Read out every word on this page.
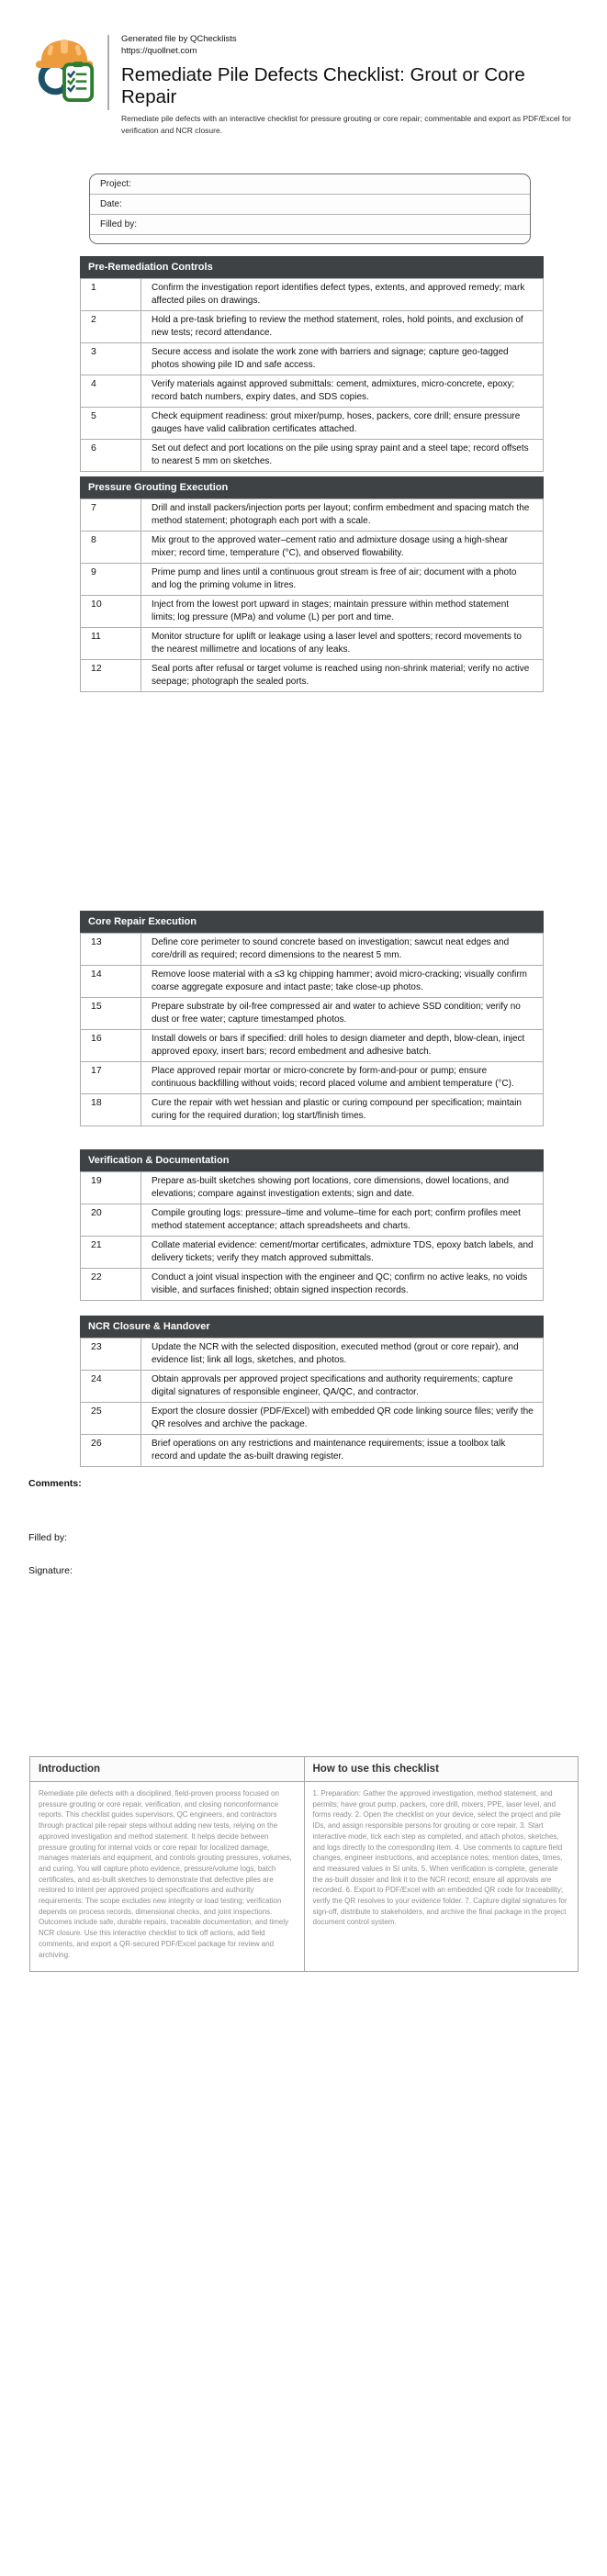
Generated file by QChecklists
https://quollnet.com
Remediate Pile Defects Checklist: Grout or Core Repair

Remediate pile defects with an interactive checklist for pressure grouting or core repair; commentable and export as PDF/Excel for verification and NCR closure.

Project:
Date:
Filled by:
Pre-Remediation Controls
1	Confirm the investigation report identifies defect types, extents, and approved remedy; mark affected piles on drawings.
2	Hold a pre-task briefing to review the method statement, roles, hold points, and exclusion of new tests; record attendance.
3	Secure access and isolate the work zone with barriers and signage; capture geo-tagged photos showing pile ID and safe access.
4	Verify materials against approved submittals: cement, admixtures, micro-concrete, epoxy; record batch numbers, expiry dates, and SDS copies.
5	Check equipment readiness: grout mixer/pump, hoses, packers, core drill; ensure pressure gauges have valid calibration certificates attached.
6	Set out defect and port locations on the pile using spray paint and a steel tape; record offsets to nearest 5 mm on sketches.
Pressure Grouting Execution
7	Drill and install packers/injection ports per layout; confirm embedment and spacing match the method statement; photograph each port with a scale.
8	Mix grout to the approved water–cement ratio and admixture dosage using a high-shear mixer; record time, temperature (°C), and observed flowability.
9	Prime pump and lines until a continuous grout stream is free of air; document with a photo and log the priming volume in litres.
10	Inject from the lowest port upward in stages; maintain pressure within method statement limits; log pressure (MPa) and volume (L) per port and time.
11	Monitor structure for uplift or leakage using a laser level and spotters; record movements to the nearest millimetre and locations of any leaks.
12	Seal ports after refusal or target volume is reached using non-shrink material; verify no active seepage; photograph the sealed ports.
Core Repair Execution
13	Define core perimeter to sound concrete based on investigation; sawcut neat edges and core/drill as required; record dimensions to the nearest 5 mm.
14	Remove loose material with a ≤3 kg chipping hammer; avoid micro-cracking; visually confirm coarse aggregate exposure and intact paste; take close-up photos.
15	Prepare substrate by oil-free compressed air and water to achieve SSD condition; verify no dust or free water; capture timestamped photos.
16	Install dowels or bars if specified: drill holes to design diameter and depth, blow-clean, inject approved epoxy, insert bars; record embedment and adhesive batch.
17	Place approved repair mortar or micro-concrete by form-and-pour or pump; ensure continuous backfilling without voids; record placed volume and ambient temperature (°C).
18	Cure the repair with wet hessian and plastic or curing compound per specification; maintain curing for the required duration; log start/finish times.
Verification & Documentation
19	Prepare as-built sketches showing port locations, core dimensions, dowel locations, and elevations; compare against investigation extents; sign and date.
20	Compile grouting logs: pressure–time and volume–time for each port; confirm profiles meet method statement acceptance; attach spreadsheets and charts.
21	Collate material evidence: cement/mortar certificates, admixture TDS, epoxy batch labels, and delivery tickets; verify they match approved submittals.
22	Conduct a joint visual inspection with the engineer and QC; confirm no active leaks, no voids visible, and surfaces finished; obtain signed inspection records.
NCR Closure & Handover
23	Update the NCR with the selected disposition, executed method (grout or core repair), and evidence list; link all logs, sketches, and photos.
24	Obtain approvals per approved project specifications and authority requirements; capture digital signatures of responsible engineer, QA/QC, and contractor.
25	Export the closure dossier (PDF/Excel) with embedded QR code linking source files; verify the QR resolves and archive the package.
26	Brief operations on any restrictions and maintenance requirements; issue a toolbox talk record and update the as-built drawing register.
Comments:
Filled by:
Signature:
Introduction	How to use this checklist
Remediate pile defects with a disciplined, field-proven process focused on pressure grouting or core repair, verification, and closing nonconformance reports. This checklist guides supervisors, QC engineers, and contractors through practical pile repair steps without adding new tests, relying on the approved investigation and method statement. It helps decide between pressure grouting for internal voids or core repair for localized damage, manages materials and equipment, and controls grouting pressures, volumes, and curing. You will capture photo evidence, pressure/volume logs, batch certificates, and as-built sketches to demonstrate that defective piles are restored to intent per approved project specifications and authority requirements. The scope excludes new integrity or load testing; verification depends on process records, dimensional checks, and joint inspections. Outcomes include safe, durable repairs, traceable documentation, and timely NCR closure. Use this interactive checklist to tick off actions, add field comments, and export a QR-secured PDF/Excel package for review and archiving.	1. Preparation: Gather the approved investigation, method statement, and permits; have grout pump, packers, core drill, mixers, PPE, laser level, and forms ready. 2. Open the checklist on your device, select the project and pile IDs, and assign responsible persons for grouting or core repair. 3. Start interactive mode, tick each step as completed, and attach photos, sketches, and logs directly to the corresponding item. 4. Use comments to capture field changes, engineer instructions, and acceptance notes; mention dates, times, and measured values in SI units. 5. When verification is complete, generate the as-built dossier and link it to the NCR record; ensure all approvals are recorded. 6. Export to PDF/Excel with an embedded QR code for traceability; verify the QR resolves to your evidence folder. 7. Capture digital signatures for sign-off, distribute to stakeholders, and archive the final package in the project document control system.
